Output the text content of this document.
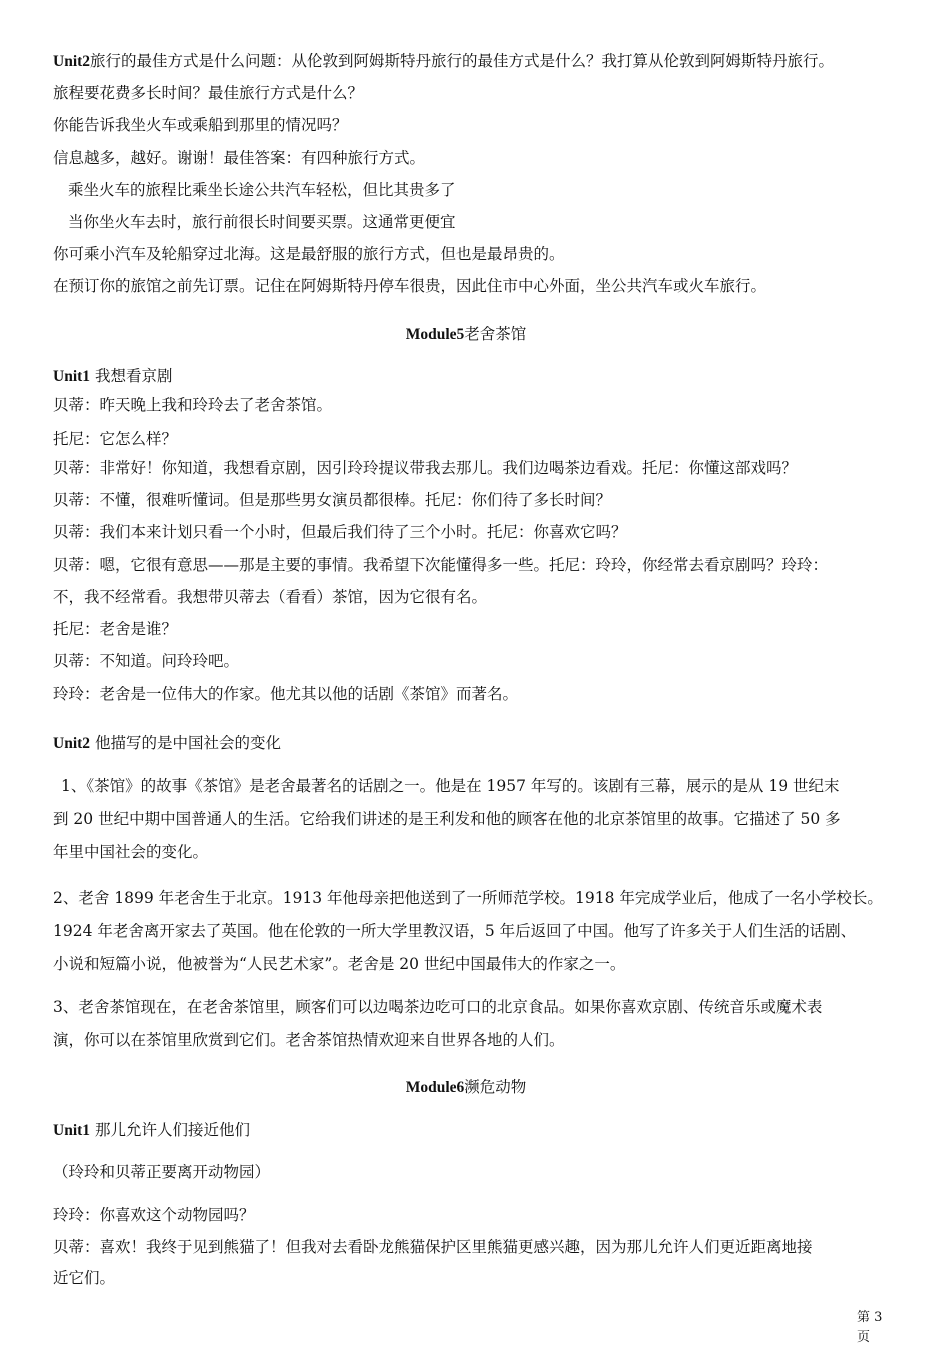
Unit2旅行的最佳方式是什么问题：从伦敦到阿姆斯特丹旅行的最佳方式是什么？我打算从伦敦到阿姆斯特丹旅行。
旅程要花费多长时间？最佳旅行方式是什么？
你能告诉我坐火车或乘船到那里的情况吗？
信息越多，越好。谢谢！最佳答案：有四种旅行方式。
乘坐火车的旅程比乘坐长途公共汽车轻松，但比其贵多了
当你坐火车去时，旅行前很长时间要买票。这通常更便宜
你可乘小汽车及轮船穿过北海。这是最舒服的旅行方式，但也是最昂贵的。
在预订你的旅馆之前先订票。记住在阿姆斯特丹停车很贵，因此住市中心外面，坐公共汽车或火车旅行。
Module5老舍茶馆
Unit1 我想看京剧
贝蒂：昨天晚上我和玲玲去了老舍茶馆。
托尼：它怎么样？
贝蒂：非常好！你知道，我想看京剧，因引玲玲提议带我去那儿。我们边喝茶边看戏。托尼：你懂这部戏吗？
贝蒂：不懂，很难听懂词。但是那些男女演员都很棒。托尼：你们待了多长时间？
贝蒂：我们本来计划只看一个小时，但最后我们待了三个小时。托尼：你喜欢它吗？
贝蒂：嗯，它很有意思——那是主要的事情。我希望下次能懂得多一些。托尼：玲玲，你经常去看京剧吗？玲玲：
不，我不经常看。我想带贝蒂去（看看）茶馆，因为它很有名。
托尼：老舍是谁？
贝蒂：不知道。问玲玲吧。
玲玲：老舍是一位伟大的作家。他尤其以他的话剧《茶馆》而著名。
Unit2 他描写的是中国社会的变化
1、《茶馆》的故事《茶馆》是老舍最著名的话剧之一。他是在 1957 年写的。该剧有三幕，展示的是从 19 世纪末
到 20 世纪中期中国普通人的生活。它给我们讲述的是王利发和他的顾客在他的北京茶馆里的故事。它描述了 50 多
年里中国社会的变化。
2、老舍 1899 年老舍生于北京。1913 年他母亲把他送到了一所师范学校。1918 年完成学业后，他成了一名小学校长。
1924 年老舍离开家去了英国。他在伦敦的一所大学里教汉语，5 年后返回了中国。他写了许多关于人们生活的话剧、
小说和短篇小说，他被誉为“人民艺术家”。老舍是 20 世纪中国最伟大的作家之一。
3、老舍茶馆现在，在老舍茶馆里，顾客们可以边喝茶边吃可口的北京食品。如果你喜欢京剧、传统音乐或魔术表
演，你可以在茶馆里欣赏到它们。老舍茶馆热情欢迎来自世界各地的人们。
Module6濒危动物
Unit1 那儿允许人们接近他们
（玲玲和贝蒂正要离开动物园）
玲玲：你喜欢这个动物园吗？
贝蒂：喜欢！我终于见到熊猫了！但我对去看卧龙熊猫保护区里熊猫更感兴趣，因为那儿允许人们更近距离地接
近它们。
第 3
页
